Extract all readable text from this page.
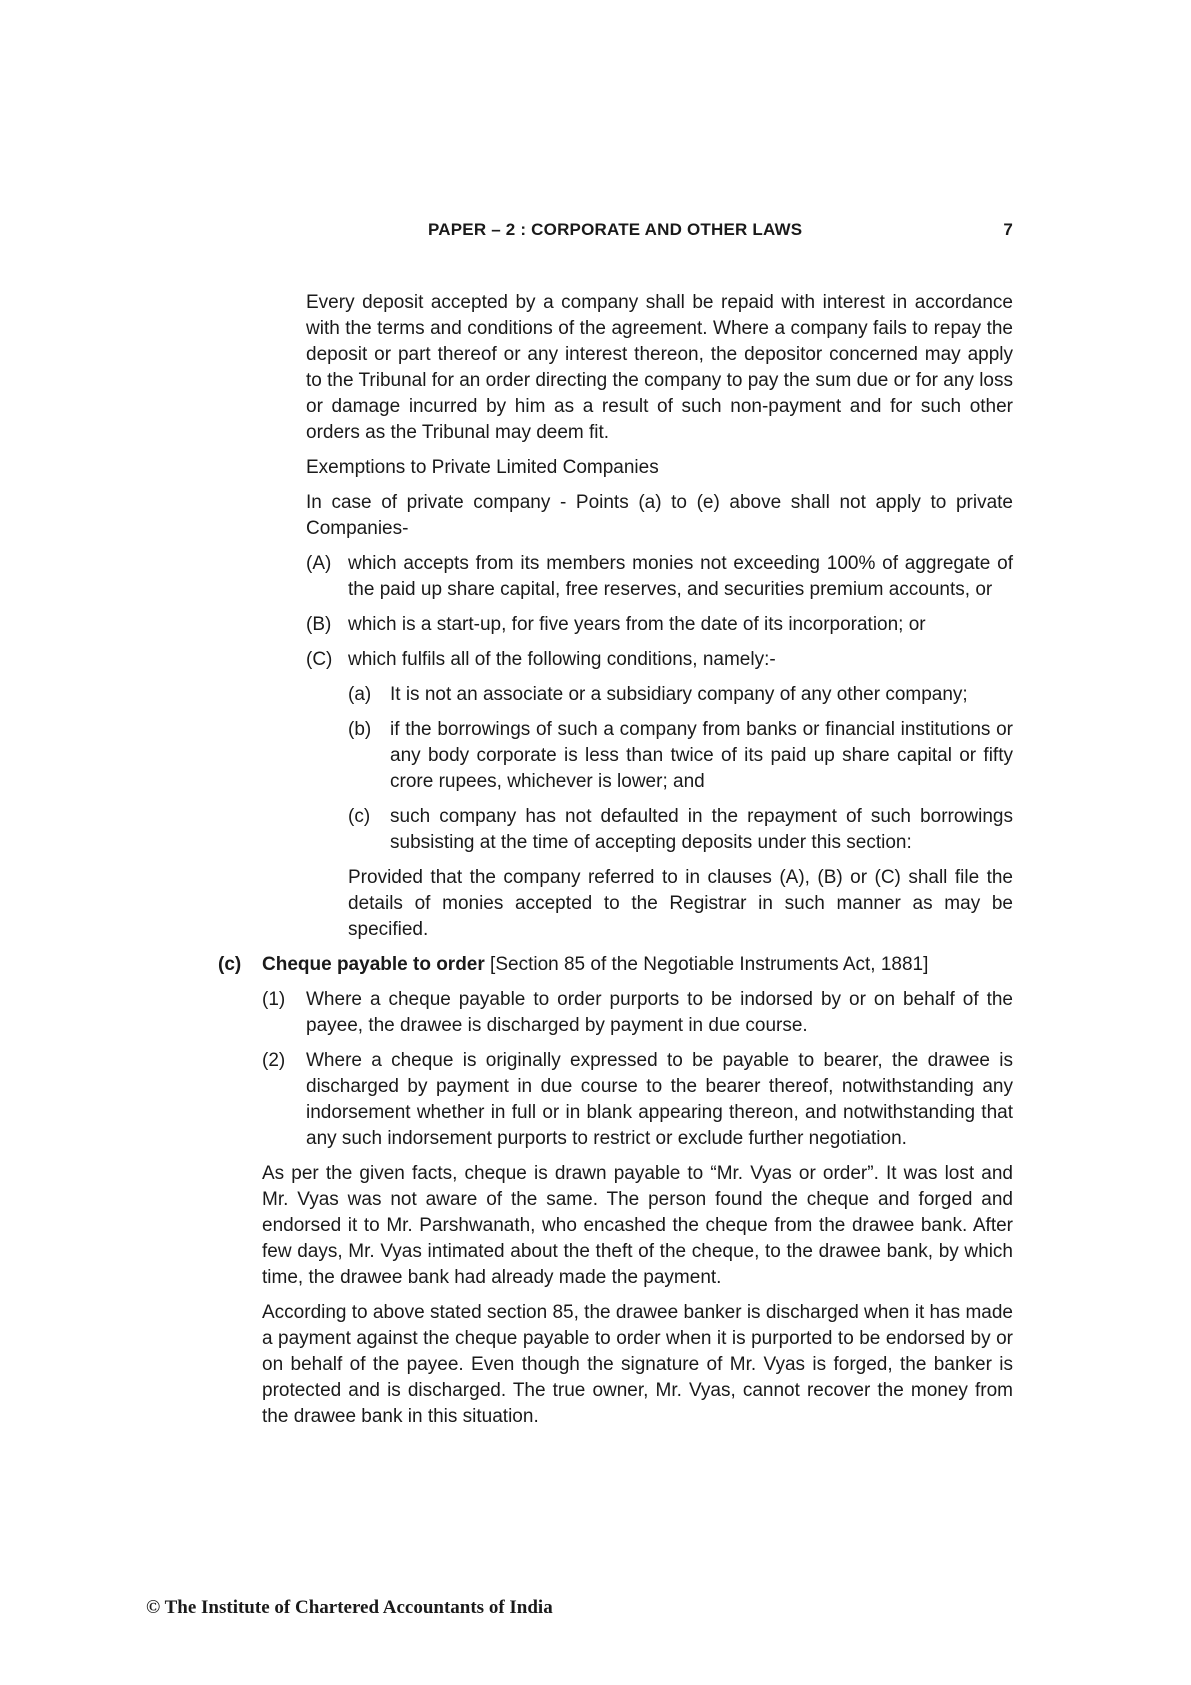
PAPER – 2 : CORPORATE AND OTHER LAWS	7

Every deposit accepted by a company shall be repaid with interest in accordance with the terms and conditions of the agreement. Where a company fails to repay the deposit or part thereof or any interest thereon, the depositor concerned may apply to the Tribunal for an order directing the company to pay the sum due or for any loss or damage incurred by him as a result of such non-payment and for such other orders as the Tribunal may deem fit.

Exemptions to Private Limited Companies

In case of private company - Points (a) to (e) above shall not apply to private Companies-

(A) which accepts from its members monies not exceeding 100% of aggregate of the paid up share capital, free reserves, and securities premium accounts, or
(B) which is a start-up, for five years from the date of its incorporation; or
(C) which fulfils all of the following conditions, namely:-
(a) It is not an associate or a subsidiary company of any other company;
(b) if the borrowings of such a company from banks or financial institutions or any body corporate is less than twice of its paid up share capital or fifty crore rupees, whichever is lower; and
(c) such company has not defaulted in the repayment of such borrowings subsisting at the time of accepting deposits under this section:

Provided that the company referred to in clauses (A), (B) or (C) shall file the details of monies accepted to the Registrar in such manner as may be specified.

(c) Cheque payable to order [Section 85 of the Negotiable Instruments Act, 1881]
(1) Where a cheque payable to order purports to be indorsed by or on behalf of the payee, the drawee is discharged by payment in due course.
(2) Where a cheque is originally expressed to be payable to bearer, the drawee is discharged by payment in due course to the bearer thereof, notwithstanding any indorsement whether in full or in blank appearing thereon, and notwithstanding that any such indorsement purports to restrict or exclude further negotiation.

As per the given facts, cheque is drawn payable to “Mr. Vyas or order”. It was lost and Mr. Vyas was not aware of the same. The person found the cheque and forged and endorsed it to Mr. Parshwanath, who encashed the cheque from the drawee bank. After few days, Mr. Vyas intimated about the theft of the cheque, to the drawee bank, by which time, the drawee bank had already made the payment.

According to above stated section 85, the drawee banker is discharged when it has made a payment against the cheque payable to order when it is purported to be endorsed by or on behalf of the payee. Even though the signature of Mr. Vyas is forged, the banker is protected and is discharged. The true owner, Mr. Vyas, cannot recover the money from the drawee bank in this situation.

© The Institute of Chartered Accountants of India
